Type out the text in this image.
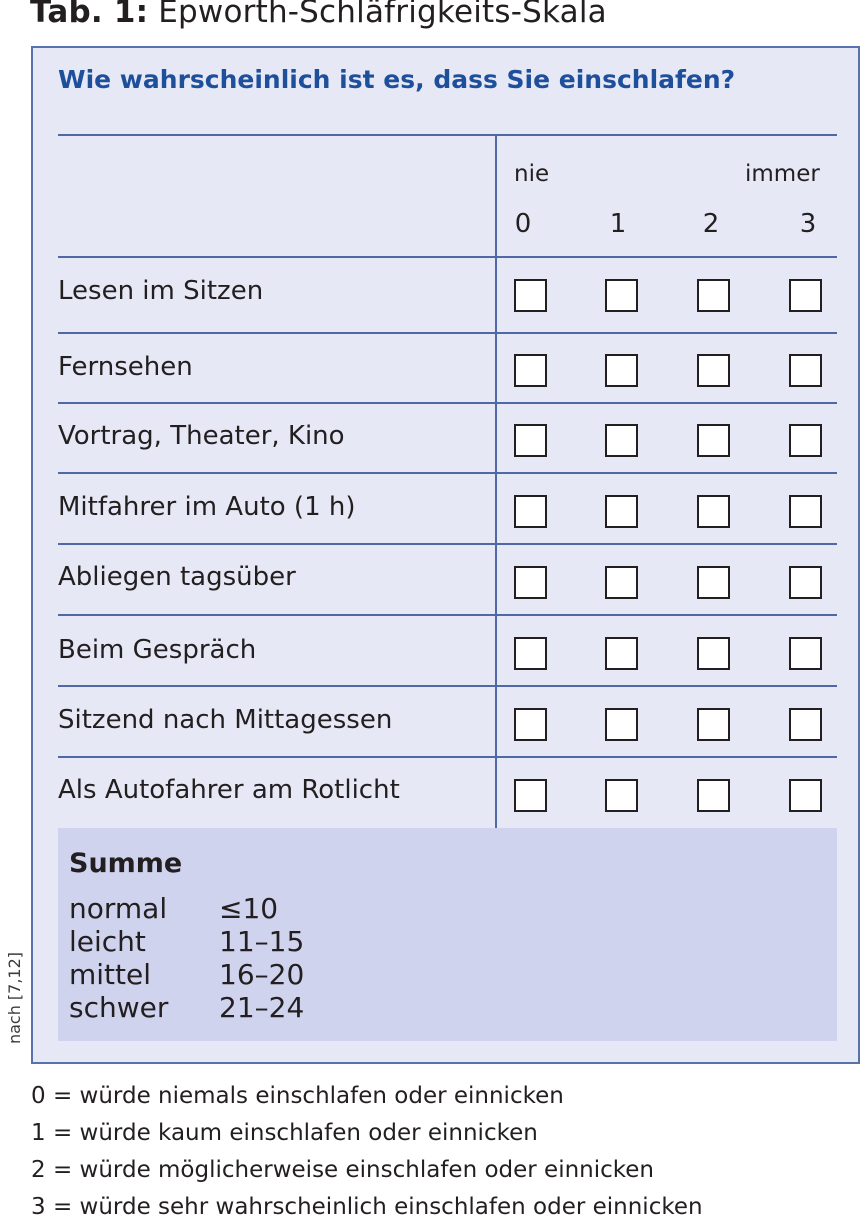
Tab. 1: Epworth-Schläfrigkeits-Skala
Wie wahrscheinlich ist es, dass Sie einschlafen?
nie	immer
0	1	2	3
Lesen im Sitzen
Fernsehen
Vortrag, Theater, Kino
Mitfahrer im Auto (1 h)
Abliegen tagsüber
Beim Gespräch
Sitzend nach Mittagessen
Als Autofahrer am Rotlicht
Summe
normal ≤10
leicht	11–15
mittel 16–20
schwer 21–24
nach [7,12]
0 = würde niemals einschlafen oder einnicken
1 = würde kaum einschlafen oder einnicken
2 = würde möglicherweise einschlafen oder einnicken
3 = würde sehr wahrscheinlich einschlafen oder einnicken
